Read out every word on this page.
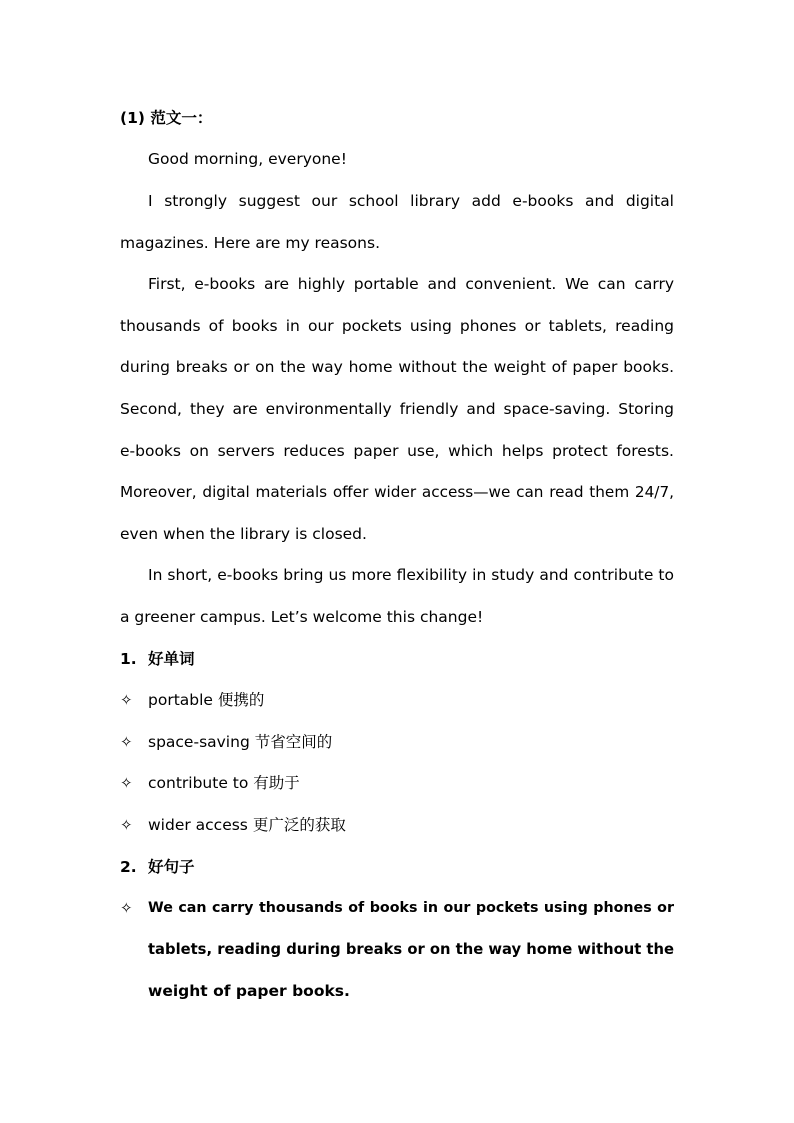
(1) 范文一：
Good morning, everyone!
I strongly suggest our school library add e-books and digital
magazines. Here are my reasons.
First, e-books are highly portable and convenient. We can carry
thousands of books in our pockets using phones or tablets, reading
during breaks or on the way home without the weight of paper books.
Second, they are environmentally friendly and space-saving. Storing
e-books on servers reduces paper use, which helps protect forests.
Moreover, digital materials offer wider access—we can read them 24/7,
even when the library is closed.
In short, e-books bring us more flexibility in study and contribute to
a greener campus. Let’s welcome this change!
1. 好单词
✧ portable 便携的
✧ space-saving 节省空间的
✧ contribute to 有助于
✧ wider access 更广泛的获取
2. 好句子
✧	We can carry thousands of books in our pockets using phones or
tablets, reading during breaks or on the way home without the
weight of paper books.
